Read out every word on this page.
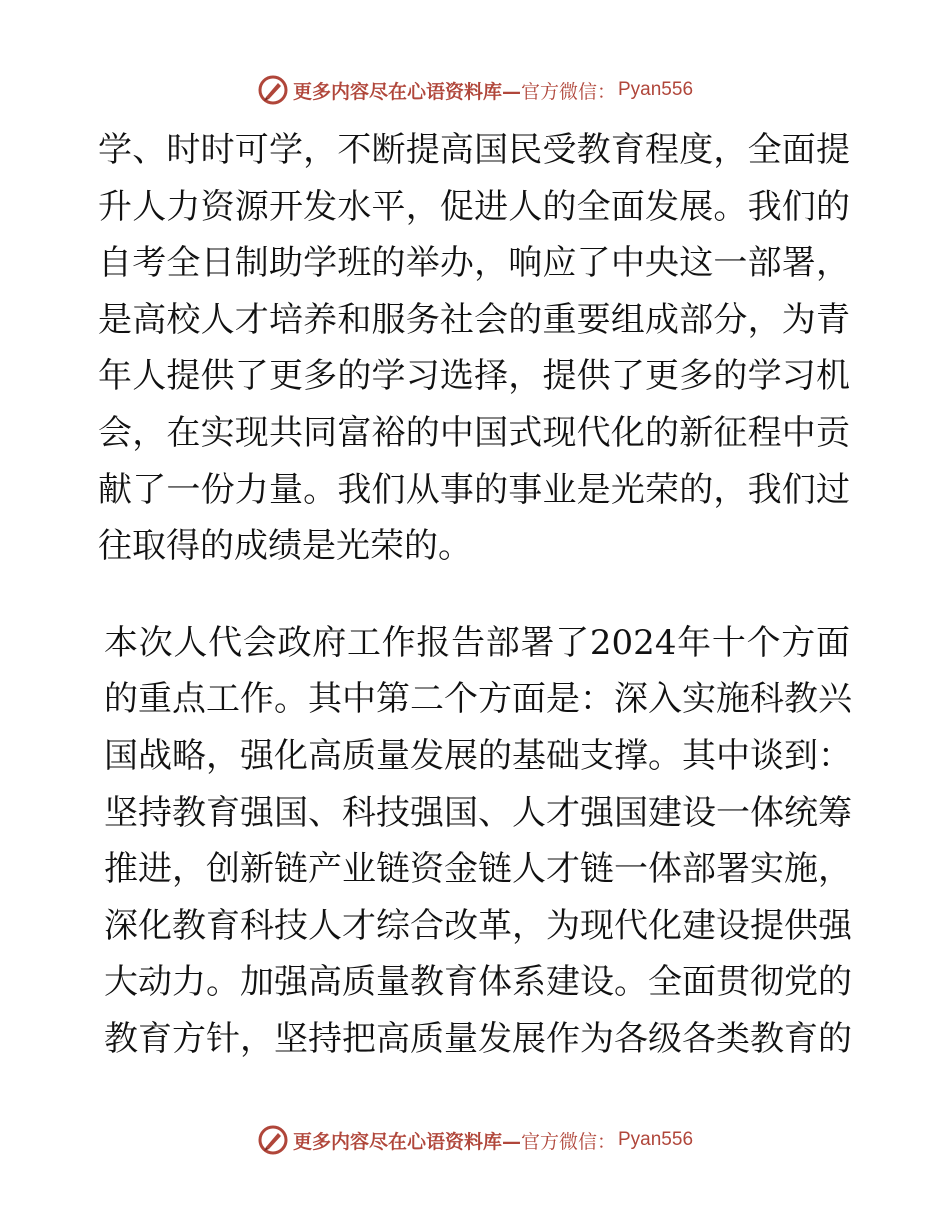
更多内容尽在心语资料库— 官方微信： Pyan556
学、时时可学，不断提高国民受教育程度，全面提
升人力资源开发水平，促进人的全面发展。我们的
自考全日制助学班的举办，响应了中央这一部署，
是高校人才培养和服务社会的重要组成部分，为青
年人提供了更多的学习选择，提供了更多的学习机
会，在实现共同富裕的中国式现代化的新征程中贡
献了一份力量。我们从事的事业是光荣的，我们过
往取得的成绩是光荣的。
本次人代会政府工作报告部署了2024年十个方面
的重点工作。其中第二个方面是：深入实施科教兴
国战略，强化高质量发展的基础支撑。其中谈到：
坚持教育强国、科技强国、人才强国建设一体统筹
推进，创新链产业链资金链人才链一体部署实施，
深化教育科技人才综合改革，为现代化建设提供强
大动力。加强高质量教育体系建设。全面贯彻党的
教育方针，坚持把高质量发展作为各级各类教育的
更多内容尽在心语资料库— 官方微信： Pyan556
